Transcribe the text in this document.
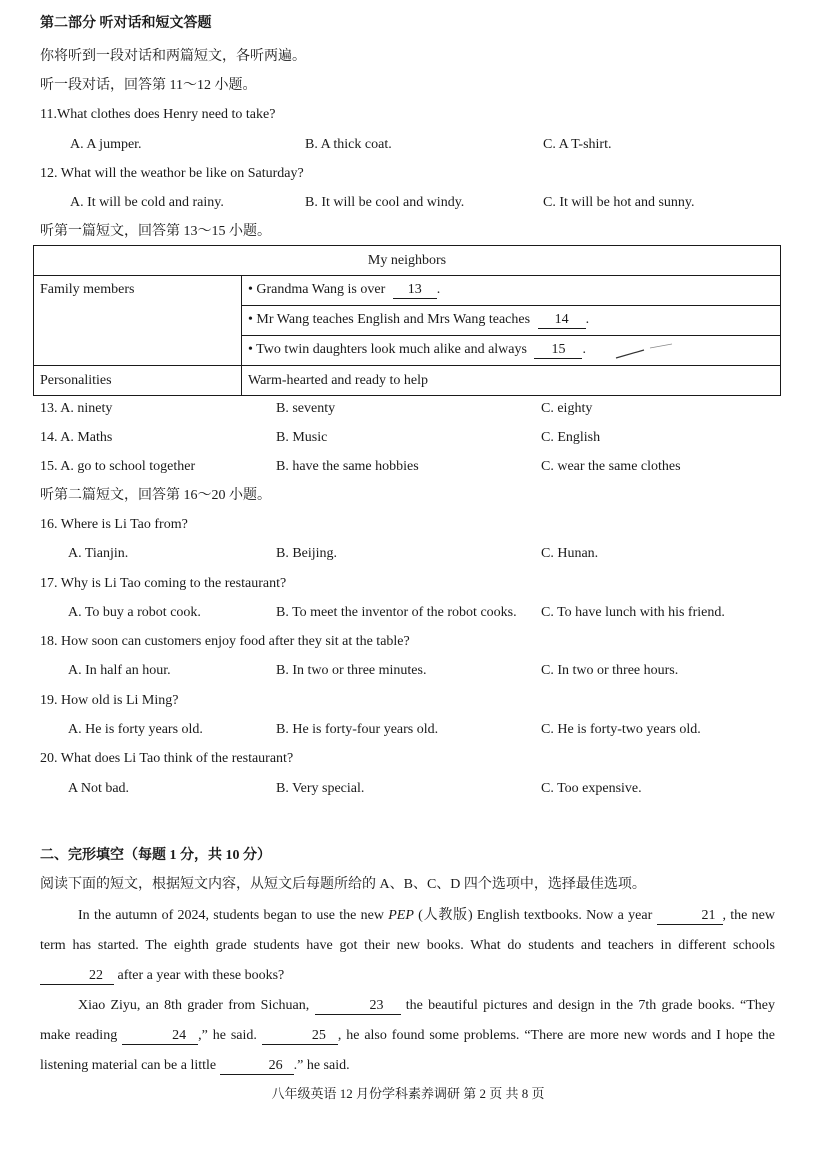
第二部分 听对话和短文答题
你将听到一段对话和两篇短文，各听两遍。
听一段对话，回答第 11～12 小题。
11.What clothes does Henry need to take?
A. A jumper.	B. A thick coat.	C. A T-shirt.
12. What will the weathor be like on Saturday?
A. It will be cold and rainy.	B. It will be cool and windy.	C. It will be hot and sunny.
听第一篇短文，回答第 13～15 小题。
My neighbors	
Family members	• Grandma Wang is over 13 .
	• Mr Wang teaches English and Mrs Wang teaches 14 .
	• Two twin daughters look much alike and always 15 .
Personalities	Warm-hearted and ready to help
13. A. ninety	B. seventy	C. eighty
14. A. Maths	B. Music	C. English
15. A. go to school together	B. have the same hobbies	C. wear the same clothes
听第二篇短文，回答第 16～20 小题。
16. Where is Li Tao from?
A. Tianjin.	B. Beijing.	C. Hunan.
17. Why is Li Tao coming to the restaurant?
A. To buy a robot cook.	B. To meet the inventor of the robot cooks. C. To have lunch with his friend.
18. How soon can customers enjoy food after they sit at the table?
A. In half an hour.	B. In two or three minutes.	C. In two or three hours.
19. How old is Li Ming?
A. He is forty years old.	B. He is forty-four years old.	C. He is forty-two years old.
20. What does Li Tao think of the restaurant?
A Not bad.	B. Very special.	C. Too expensive.
二、完形填空（每题 1 分，共 10 分）
阅读下面的短文，根据短文内容，从短文后每题所给的 A、B、C、D 四个选项中，选择最佳选项。
In the autumn of 2024, students began to use the new PEP (人教版) English textbooks. Now a year	21 , the new term has started. The eighth grade students have got their new books. What do students and teachers in different schools 22 after a year with these books?
Xiao Ziyu, an 8th grader from Sichuan,	23 the beautiful pictures and design in the 7th grade books. “They make reading	24 ,” he said.	25 , he also found some problems. “There are more new words and I hope the listening material can be a little	26 .” he said.
八年级英语 12 月份学科素养调研 第 2 页 共 8 页
